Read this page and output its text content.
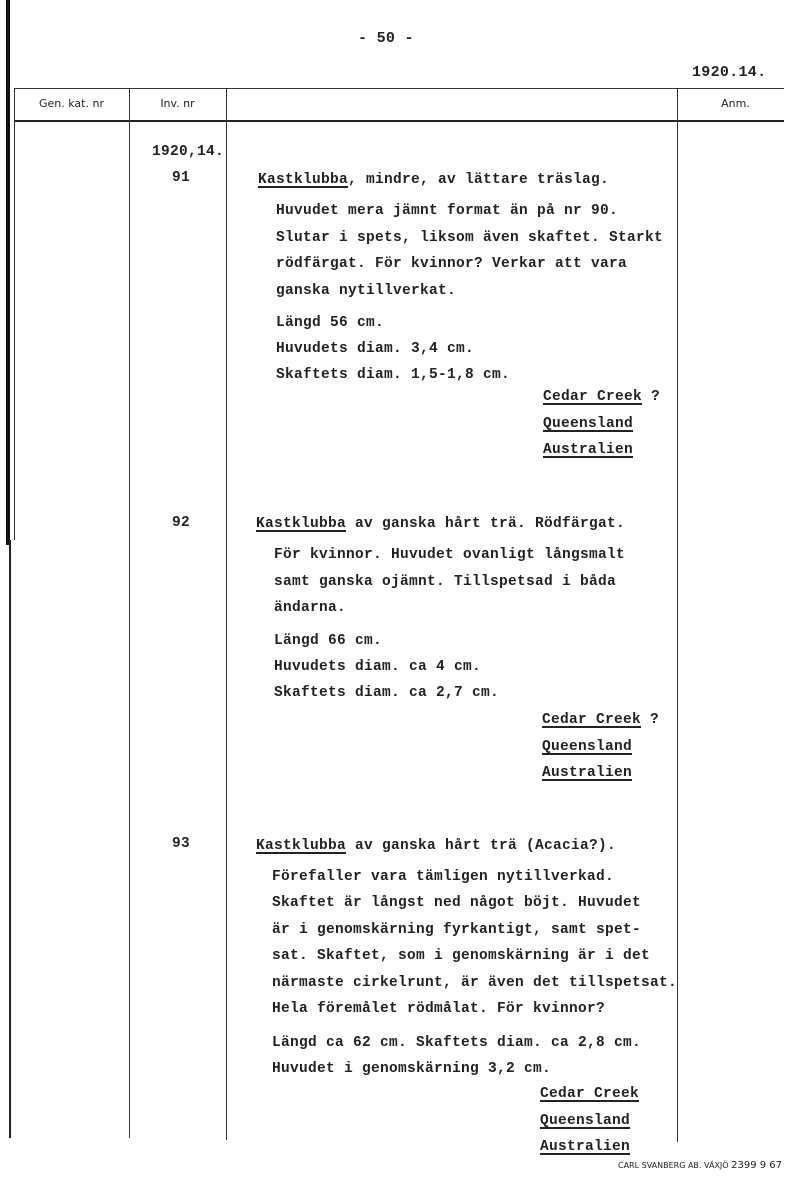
- 50 -
1920.14.
Gen. kat. nr	Inv. nr	Anm.
1920,14.
91	Kastklubba, mindre, av lättare träslag.
Huvudet mera jämnt format än på nr 90.
Slutar i spets, liksom även skaftet. Starkt
rödfärgat. För kvinnor? Verkar att vara
ganska nytillverkat.
Längd 56 cm.
Huvudets diam. 3,4 cm.
Skaftets diam. 1,5-1,8 cm.
Cedar Creek ?
Queensland
Australien
92	Kastklubba av ganska hårt trä. Rödfärgat.
För kvinnor. Huvudet ovanligt långsmalt
samt ganska ojämnt. Tillspetsad i båda
ändarna.
Längd 66 cm.
Huvudets diam. ca 4 cm.
Skaftets diam. ca 2,7 cm.
Cedar Creek ?
Queensland
Australien
93	Kastklubba av ganska hårt trä (Acacia?).
Förefaller vara tämligen nytillverkad.
Skaftet är långst ned något böjt. Huvudet
är i genomskärning fyrkantigt, samt spet-
sat. Skaftet, som i genomskärning är i det
närmaste cirkelrunt, är även det tillspetsat.
Hela föremålet rödmålat. För kvinnor?
Längd ca 62 cm. Skaftets diam. ca 2,8 cm.
Huvudet i genomskärning 3,2 cm.
Cedar Creek
Queensland
Australien
CARL SVANBERG AB. VÄXJÖ 2399 9 67
